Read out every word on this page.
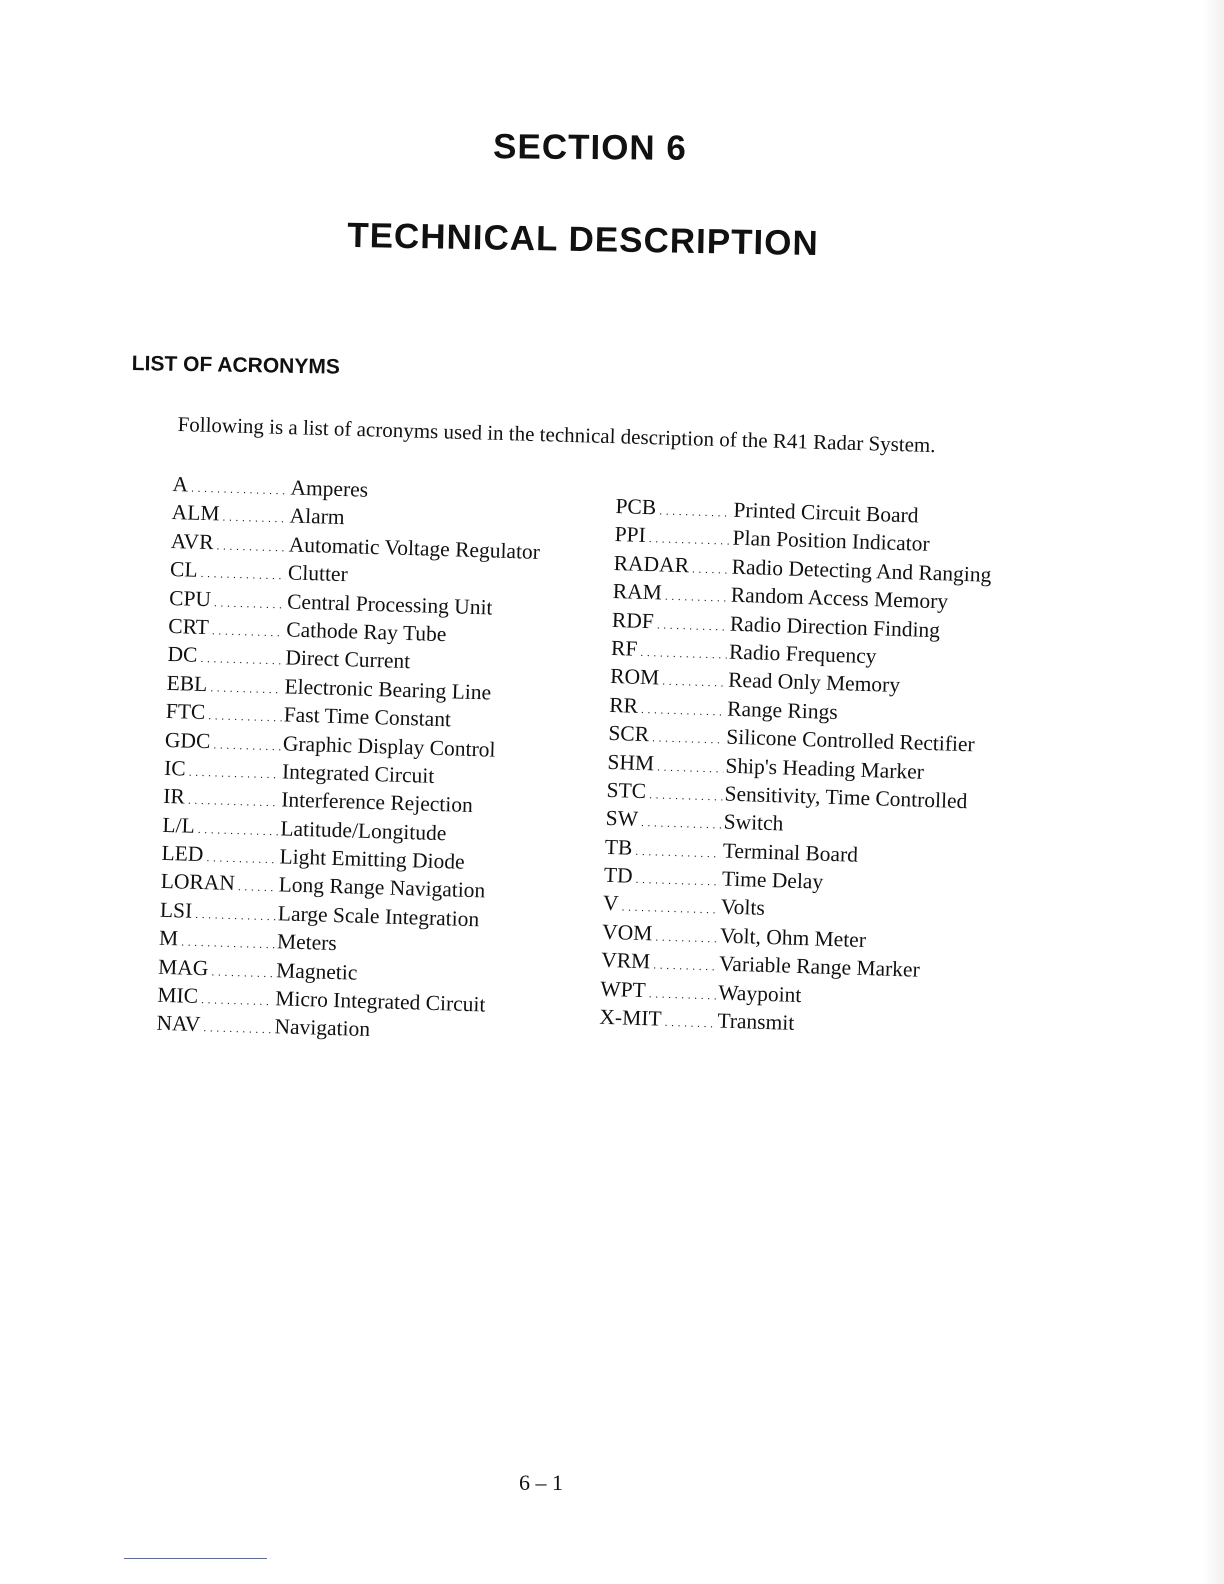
SECTION 6
TECHNICAL DESCRIPTION
LIST OF ACRONYMS
Following is a list of acronyms used in the technical description of the R41 Radar System.
A . . .	Amperes
ALM . . .	Alarm
AVR . . .	Automatic Voltage Regulator
CL . . .	Clutter
CPU . . .	Central Processing Unit
CRT . . .	Cathode Ray Tube
DC . . .	Direct Current
EBL . . .	Electronic Bearing Line
FTC . . .	Fast Time Constant
GDC . . .	Graphic Display Control
IC . . .	Integrated Circuit
IR . . .	Interference Rejection
L/L . . .	Latitude/Longitude
LED . . .	Light Emitting Diode
LORAN . . .	Long Range Navigation
LSI . . .	Large Scale Integration
M . . .	Meters
MAG . . .	Magnetic
MIC . . .	Micro Integrated Circuit
NAV . . .	Navigation
PCB . . .	Printed Circuit Board
PPI . . .	Plan Position Indicator
RADAR . . .	Radio Detecting And Ranging
RAM . . .	Random Access Memory
RDF . . .	Radio Direction Finding
RF . . .	Radio Frequency
ROM . . .	Read Only Memory
RR . . .	Range Rings
SCR . . .	Silicone Controlled Rectifier
SHM . . .	Ship's Heading Marker
STC . . .	Sensitivity, Time Controlled
SW . . .	Switch
TB . . .	Terminal Board
TD . . .	Time Delay
V . . .	Volts
VOM . . .	Volt, Ohm Meter
VRM . . .	Variable Range Marker
WPT . . .	Waypoint
X-MIT . . .	Transmit
6 – 1
